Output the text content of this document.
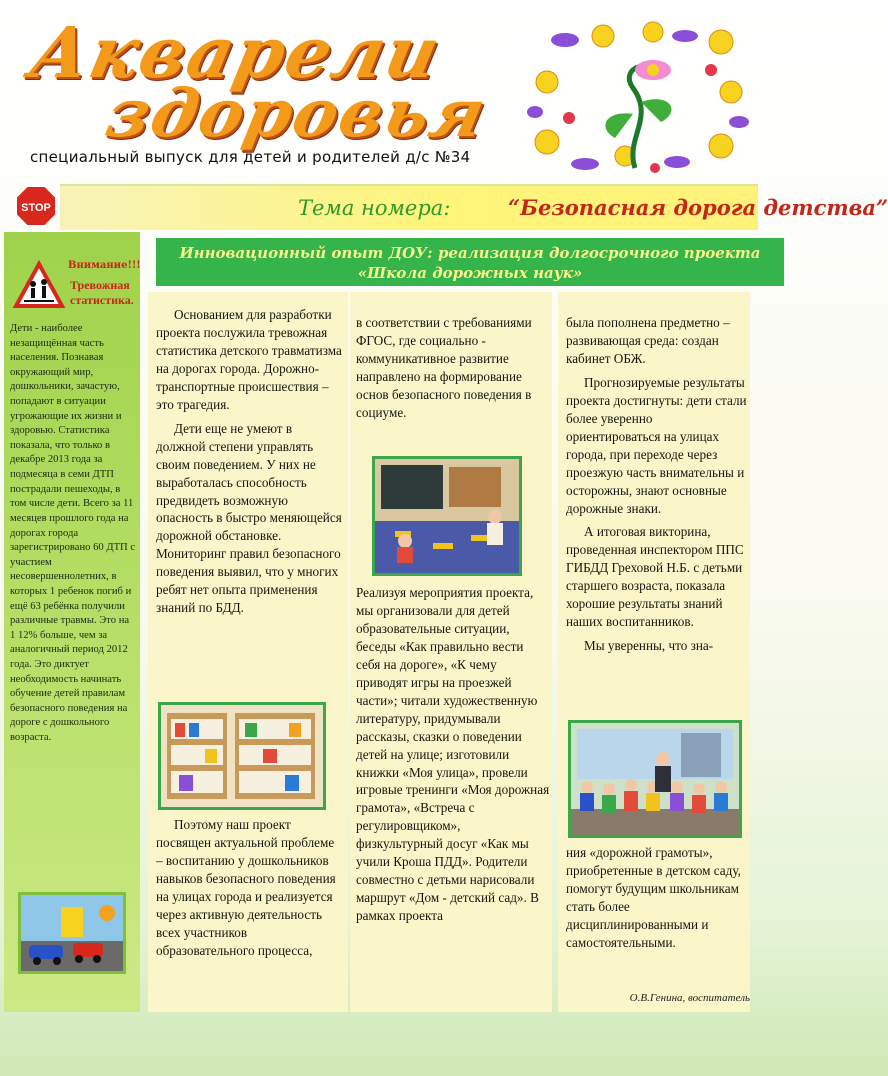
Акварели
здоровья
специальный выпуск для детей и родителей д/с №34
STOP	Тема номера:	“Безопасная дорога детства”
Внимание!!!
Тревожная статистика.
Дети - наиболее незащищённая часть населения. Познавая окружающий мир, дошкольники, зачастую, попадают в ситуации угрожающие их жизни и здоровью. Статистика показала, что только в декабре 2013 года за подмесяца в семи ДТП пострадали пешеходы, в том числе дети. Всего за 11 месяцев прошлого года на дорогах города зарегистрировано 60 ДТП с участием несовершеннолетних, в которых 1 ребенок погиб и ещё 63 ребёнка получили различные травмы. Это на 1 12% больше, чем за аналогичный период 2012 года. Это диктует необходимость начинать обучение детей правилам безопасного поведения на дороге с дошкольного возраста.
Инновационный опыт ДОУ: реализация долгосрочного проекта
«Школа дорожных наук»

Основанием для разработки проекта послужила тревожная статистика детского травматизма на дорогах города. Дорожно-транспортные происшествия – это трагедия.

Дети еще не умеют в должной степени управлять своим поведением. У них не выработалась способность предвидеть возможную опасность в быстро меняющейся дорожной обстановке. Мониторинг правил безопасного поведения выявил, что у многих ребят нет опыта применения знаний по БДД.

Поэтому наш проект посвящен актуальной проблеме – воспитанию у дошкольников навыков безопасного поведения на улицах города и реализуется через активную деятельность всех участников образовательного процесса,

в соответствии с требованиями ФГОС, где социально - коммуникативное развитие направлено на формирование основ безопасного поведения в социуме.

Реализуя мероприятия проекта, мы организовали для детей образовательные ситуации, беседы «Как правильно вести себя на дороге», «К чему приводят игры на проезжей части»; читали художественную литературу, придумывали рассказы, сказки о поведении детей на улице; изготовили книжки «Моя улица», провели игровые тренинги «Моя дорожная грамота», «Встреча с регулировщиком», физкультурный досуг «Как мы учили Кроша ПДД». Родители совместно с детьми нарисовали маршрут «Дом - детский сад». В рамках проекта

была пополнена предметно – развивающая среда: создан кабинет ОБЖ.

Прогнозируемые результаты проекта достигнуты: дети стали более уверенно ориентироваться на улицах города, при переходе через проезжую часть внимательны и осторожны, знают основные дорожные знаки.

А итоговая викторина, проведенная инспектором ППС ГИБДД Греховой Н.Б. с детьми старшего возраста, показала хорошие результаты знаний наших воспитанников.

Мы уверенны, что зна-

ния «дорожной грамоты», приобретенные в детском саду, помогут будущим школьникам стать более дисциплинированными и самостоятельными.

О.В.Генина, воспитатель
